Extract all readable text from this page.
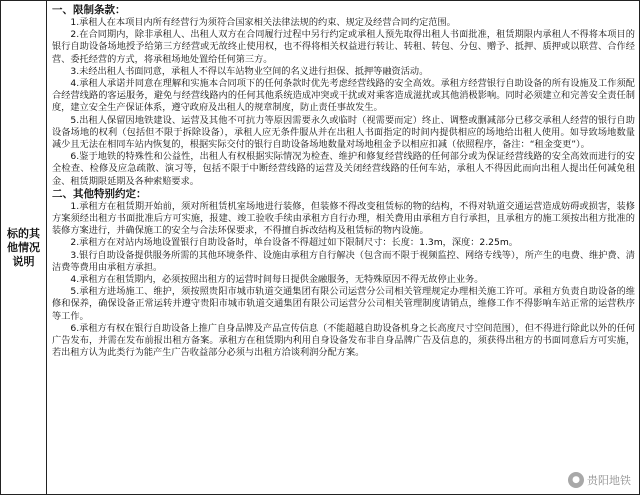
标的其他情况说明

一、限制条款：

1.承租人在本项目内所有经营行为须符合国家相关法律法规的约束、规定及经营合同约定范围。

2.在合同期内，除非承租人、出租人双方在合同履行过程中另行约定或承租人预先取得出租人书面批准，租赁期限内承租人不得将本项目的银行自助设备场地授予给第三方经营或无故终止使用权，也不得将相关权益进行转让、转租、转包、分包、赠予、抵押、质押或以联营、合作经营、委托经营的方式，将承租场地处置给任何第三方。

3.未经出租人书面同意，承租人不得以车站物业空间的名义进行担保、抵押等融资活动。

4.承租人承诺并同意在理解和实施本合同项下的任何条款时优先考虑经营线路的安全高效。承租方经营银行自助设备的所有设施及工作须配合经营线路的客运服务，避免与经营线路内的任何其他系统造成冲突或干扰或对乘客造成滋扰或其他消极影响。同时必须建立和完善安全责任制度，建立安全生产保证体系，遵守政府及出租人的规章制度，防止责任事故发生。

5.出租人保留因地铁建设、运营及其他不可抗力等原因需要永久或临时（视需要而定）终止、调整或删减部分已移交承租人经营的银行自助设备场地的权利（包括但不限于拆除设备），承租人应无条件服从并在出租人书面指定的时间内提供相应的场地给出租人使用。如导致场地数量减少且无法在相同车站内恢复的，根据实际交付的银行自助设备场地数量对场地租金予以相应扣减（依照程序，备注：“租金变更”）。

6.鉴于地铁的特殊性和公益性，出租人有权根据实际情况为检查、维护和修复经营线路的任何部分或为保证经营线路的安全高效而进行的安全检查、检修及应急疏散、演习等，包括不限于中断经营线路的运营及关闭经营线路的任何车站，承租人不得因此而向出租人提出任何减免租金、租赁期限延期及各种索赔要求。

二、其他特别约定：

1.承租方在租赁期开始前，须对所租赁机室场地进行装修，但装修不得改变租赁标的物的结构，不得对轨道交通运营造成妨碍或损害，装修方案须经出租方书面批准后方可实施，报建、竣工验收手续由承租方自行办理，相关费用由承租方自行承担，且承租方的施工须按出租方批准的装修方案进行，并确保施工的安全与合法环保要求，不得擅自拆改结构及租赁标的物内设施。

2.承租方在对站内场地设置银行自助设备时，单台设备不得超过如下限制尺寸：长度：1.3m，深度：2.25m。

3.银行自助设备提供服务所需的其他环境条件、设施由承租方自行解决（包含而不限于视频监控、网络专线等），所产生的电费、维护费、清洁费等费用由承租方承担。

4.承租方在租赁期内，必须按照出租方的运营时间每日提供金融服务，无特殊原因不得无故停止业务。

5.承租方进场施工、维护，须按照贵阳市城市轨道交通集团有限公司运营分公司相关管理规定办理相关施工许可。承租方负责自助设备的维修和保养，确保设备正常运转并遵守贵阳市城市轨道交通集团有限公司运营分公司相关管理制度请销点，维修工作不得影响车站正常的运营秩序等工作。

6.承租方有权在银行自助设备上推广自身品牌及产品宣传信息（不能超越自助设备机身之长高度尺寸空间范围），但不得进行除此以外的任何广告发布，并需在发布前报出租方备案。承租方在租赁期内利用自身设备发布非自身品牌广告及信息的，须获得出租方的书面同意后方可实施，若出租方认为此类行为能产生广告收益部分必须与出租方洽谈利润分配方案。

● 贵阳地铁
